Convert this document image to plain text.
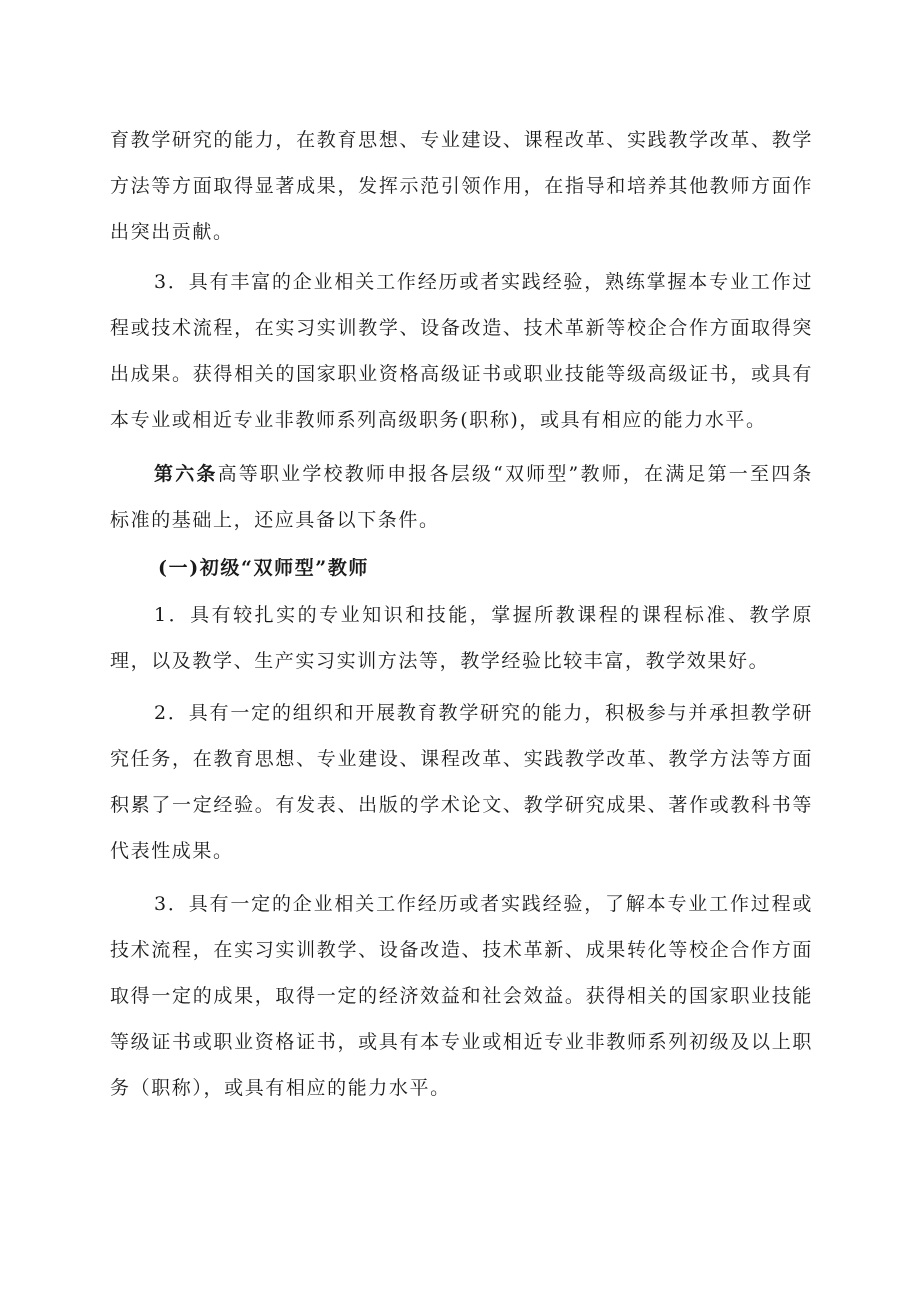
育教学研究的能力，在教育思想、专业建设、课程改革、实践教学改革、教学方法等方面取得显著成果，发挥示范引领作用，在指导和培养其他教师方面作出突出贡献。

3．具有丰富的企业相关工作经历或者实践经验，熟练掌握本专业工作过程或技术流程，在实习实训教学、设备改造、技术革新等校企合作方面取得突出成果。获得相关的国家职业资格高级证书或职业技能等级高级证书，或具有本专业或相近专业非教师系列高级职务(职称)，或具有相应的能力水平。

第六条高等职业学校教师申报各层级“双师型”教师，在满足第一至四条标准的基础上，还应具备以下条件。

(一)初级“双师型”教师

1．具有较扎实的专业知识和技能，掌握所教课程的课程标准、教学原理，以及教学、生产实习实训方法等，教学经验比较丰富，教学效果好。

2．具有一定的组织和开展教育教学研究的能力，积极参与并承担教学研究任务，在教育思想、专业建设、课程改革、实践教学改革、教学方法等方面积累了一定经验。有发表、出版的学术论文、教学研究成果、著作或教科书等代表性成果。

3．具有一定的企业相关工作经历或者实践经验，了解本专业工作过程或技术流程，在实习实训教学、设备改造、技术革新、成果转化等校企合作方面取得一定的成果，取得一定的经济效益和社会效益。获得相关的国家职业技能等级证书或职业资格证书，或具有本专业或相近专业非教师系列初级及以上职务（职称），或具有相应的能力水平。
